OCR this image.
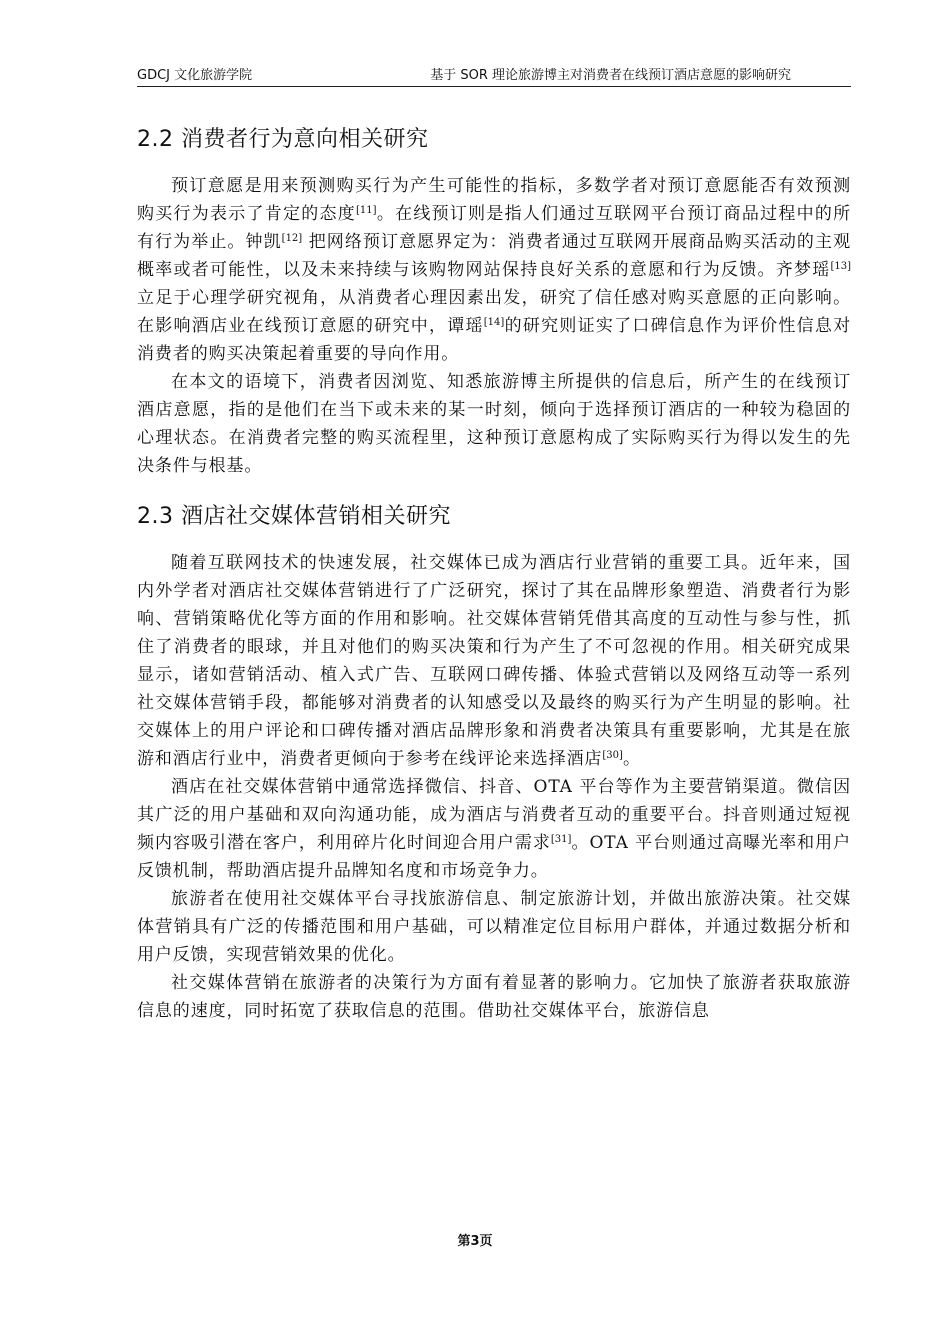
GDCJ 文化旅游学院	基于 SOR 理论旅游博主对消费者在线预订酒店意愿的影响研究
2.2 消费者行为意向相关研究

预订意愿是用来预测购买行为产生可能性的指标，多数学者对预订意愿能否有效预测购买行为表示了肯定的态度[11]。在线预订则是指人们通过互联网平台预订商品过程中的所有行为举止。钟凯[12] 把网络预订意愿界定为：消费者通过互联网开展商品购买活动的主观概率或者可能性，以及未来持续与该购物网站保持良好关系的意愿和行为反馈。齐梦瑶[13]立足于心理学研究视角，从消费者心理因素出发，研究了信任感对购买意愿的正向影响。在影响酒店业在线预订意愿的研究中，谭瑶[14]的研究则证实了口碑信息作为评价性信息对消费者的购买决策起着重要的导向作用。

在本文的语境下，消费者因浏览、知悉旅游博主所提供的信息后，所产生的在线预订酒店意愿，指的是他们在当下或未来的某一时刻，倾向于选择预订酒店的一种较为稳固的心理状态。在消费者完整的购买流程里，这种预订意愿构成了实际购买行为得以发生的先决条件与根基。

2.3 酒店社交媒体营销相关研究

随着互联网技术的快速发展，社交媒体已成为酒店行业营销的重要工具。近年来，国内外学者对酒店社交媒体营销进行了广泛研究，探讨了其在品牌形象塑造、消费者行为影响、营销策略优化等方面的作用和影响。社交媒体营销凭借其高度的互动性与参与性，抓住了消费者的眼球，并且对他们的购买决策和行为产生了不可忽视的作用。相关研究成果显示，诸如营销活动、植入式广告、互联网口碑传播、体验式营销以及网络互动等一系列社交媒体营销手段，都能够对消费者的认知感受以及最终的购买行为产生明显的影响。社交媒体上的用户评论和口碑传播对酒店品牌形象和消费者决策具有重要影响，尤其是在旅游和酒店行业中，消费者更倾向于参考在线评论来选择酒店[30]。

酒店在社交媒体营销中通常选择微信、抖音、OTA 平台等作为主要营销渠道。微信因其广泛的用户基础和双向沟通功能，成为酒店与消费者互动的重要平台。抖音则通过短视频内容吸引潜在客户，利用碎片化时间迎合用户需求[31]。OTA 平台则通过高曝光率和用户反馈机制，帮助酒店提升品牌知名度和市场竞争力。

旅游者在使用社交媒体平台寻找旅游信息、制定旅游计划，并做出旅游决策。社交媒体营销具有广泛的传播范围和用户基础，可以精准定位目标用户群体，并通过数据分析和用户反馈，实现营销效果的优化。

社交媒体营销在旅游者的决策行为方面有着显著的影响力。它加快了旅游者获取旅游信息的速度，同时拓宽了获取信息的范围。借助社交媒体平台，旅游信息

第3页
